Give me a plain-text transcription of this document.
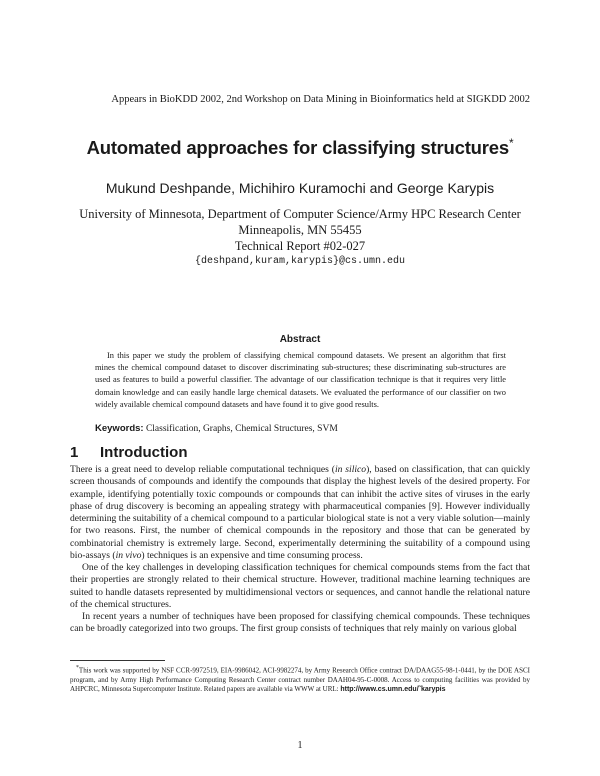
Appears in BioKDD 2002, 2nd Workshop on Data Mining in Bioinformatics held at SIGKDD 2002
Automated approaches for classifying structures*
Mukund Deshpande, Michihiro Kuramochi and George Karypis
University of Minnesota, Department of Computer Science/Army HPC Research Center
Minneapolis, MN 55455
Technical Report #02-027
{deshpand,kuram,karypis}@cs.umn.edu
Abstract

In this paper we study the problem of classifying chemical compound datasets. We present an algorithm that first mines the chemical compound dataset to discover discriminating sub-structures; these discriminating sub-structures are used as features to build a powerful classifier. The advantage of our classification technique is that it requires very little domain knowledge and can easily handle large chemical datasets. We evaluated the performance of our classifier on two widely available chemical compound datasets and have found it to give good results.

Keywords: Classification, Graphs, Chemical Structures, SVM

1 Introduction

There is a great need to develop reliable computational techniques (in silico), based on classification, that can quickly screen thousands of compounds and identify the compounds that display the highest levels of the desired property. For example, identifying potentially toxic compounds or compounds that can inhibit the active sites of viruses in the early phase of drug discovery is becoming an appealing strategy with pharmaceutical companies [9]. However individually determining the suitability of a chemical compound to a particular biological state is not a very viable solution—mainly for two reasons. First, the number of chemical compounds in the repository and those that can be generated by combinatorial chemistry is extremely large. Second, experimentally determining the suitability of a compound using bio-assays (in vivo) techniques is an expensive and time consuming process.

One of the key challenges in developing classification techniques for chemical compounds stems from the fact that their properties are strongly related to their chemical structure. However, traditional machine learning techniques are suited to handle datasets represented by multidimensional vectors or sequences, and cannot handle the relational nature of the chemical structures.

In recent years a number of techniques have been proposed for classifying chemical compounds. These techniques can be broadly categorized into two groups. The first group consists of techniques that rely mainly on various global

*This work was supported by NSF CCR-9972519, EIA-9986042, ACI-9982274, by Army Research Office contract DA/DAAG55-98-1-0441, by the DOE ASCI program, and by Army High Performance Computing Research Center contract number DAAH04-95-C-0008. Access to computing facilities was provided by AHPCRC, Minnesota Supercomputer Institute. Related papers are available via WWW at URL: http://www.cs.umn.edu/˜karypis

1
